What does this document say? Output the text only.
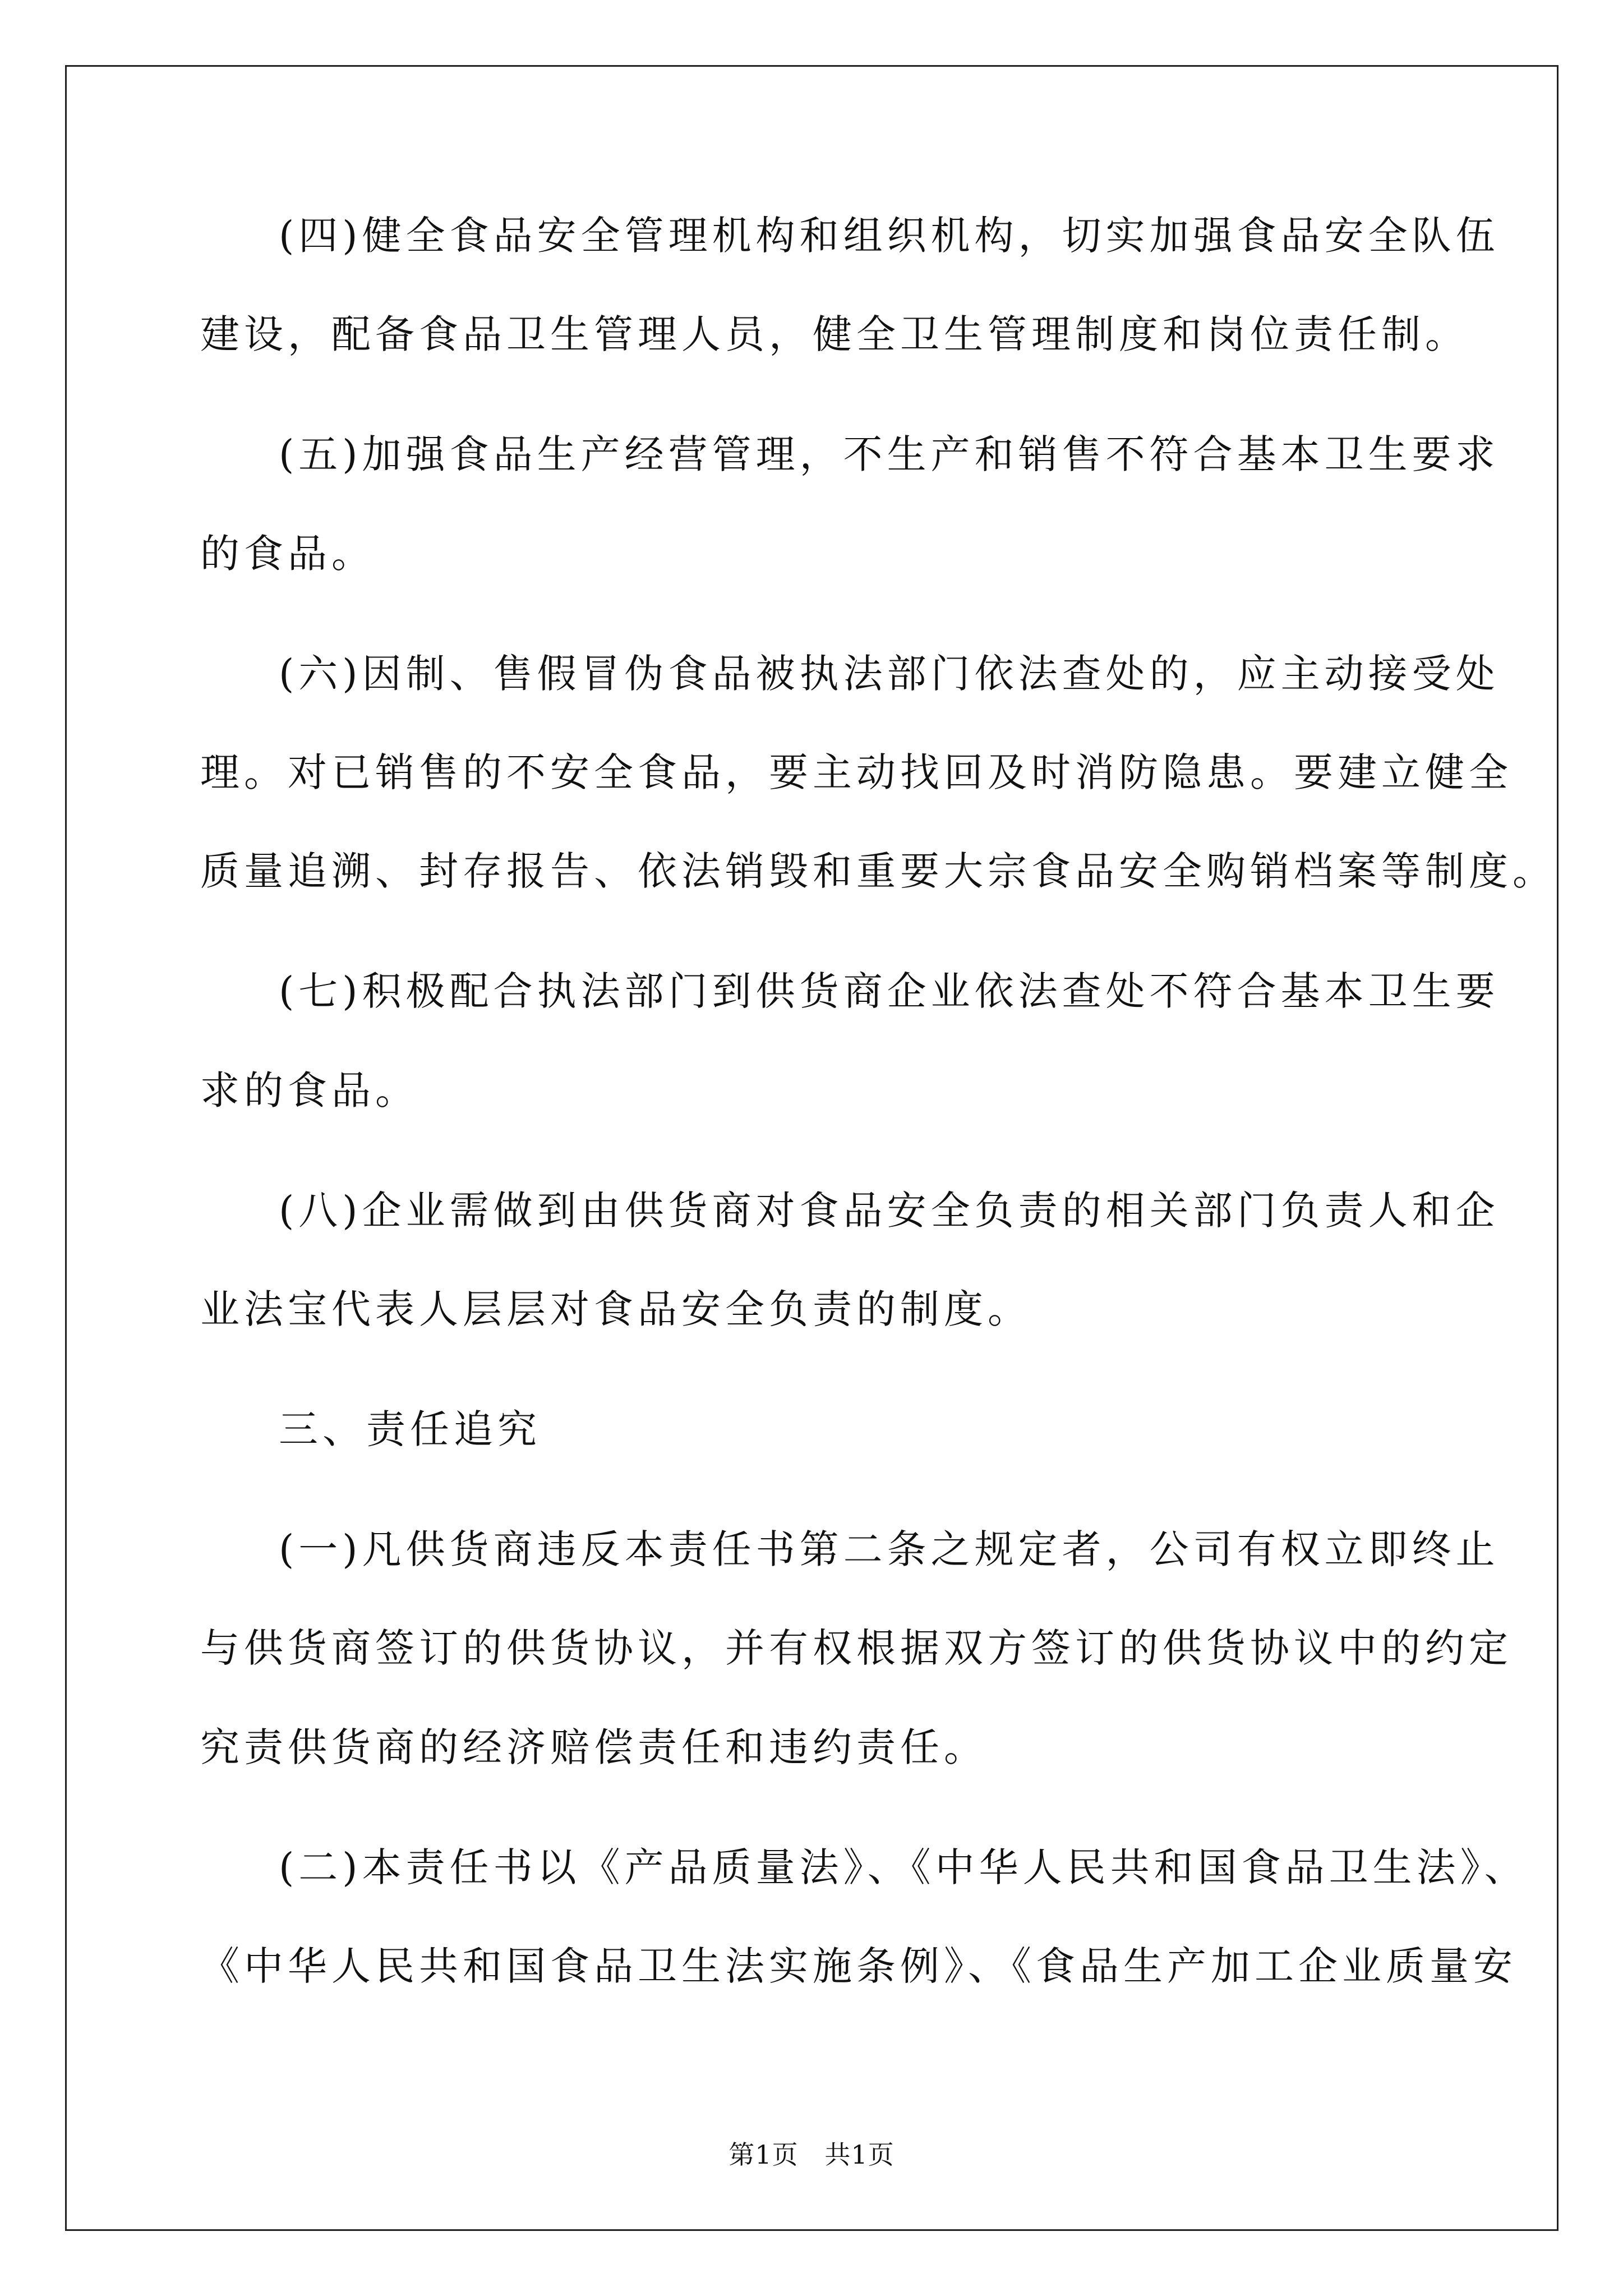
(四)健全食品安全管理机构和组织机构，切实加强食品安全队伍
建设，配备食品卫生管理人员，健全卫生管理制度和岗位责任制。
(五)加强食品生产经营管理，不生产和销售不符合基本卫生要求
的食品。
(六)因制、售假冒伪食品被执法部门依法查处的，应主动接受处
理。对已销售的不安全食品，要主动找回及时消防隐患。要建立健全
质量追溯、封存报告、依法销毁和重要大宗食品安全购销档案等制度。
(七)积极配合执法部门到供货商企业依法查处不符合基本卫生要
求的食品。
(八)企业需做到由供货商对食品安全负责的相关部门负责人和企
业法宝代表人层层对食品安全负责的制度。
三、责任追究
(一)凡供货商违反本责任书第二条之规定者，公司有权立即终止
与供货商签订的供货协议，并有权根据双方签订的供货协议中的约定
究责供货商的经济赔偿责任和违约责任。
(二)本责任书以《产品质量法》、《中华人民共和国食品卫生法》、
《中华人民共和国食品卫生法实施条例》、《食品生产加工企业质量安
第1页   共1页
